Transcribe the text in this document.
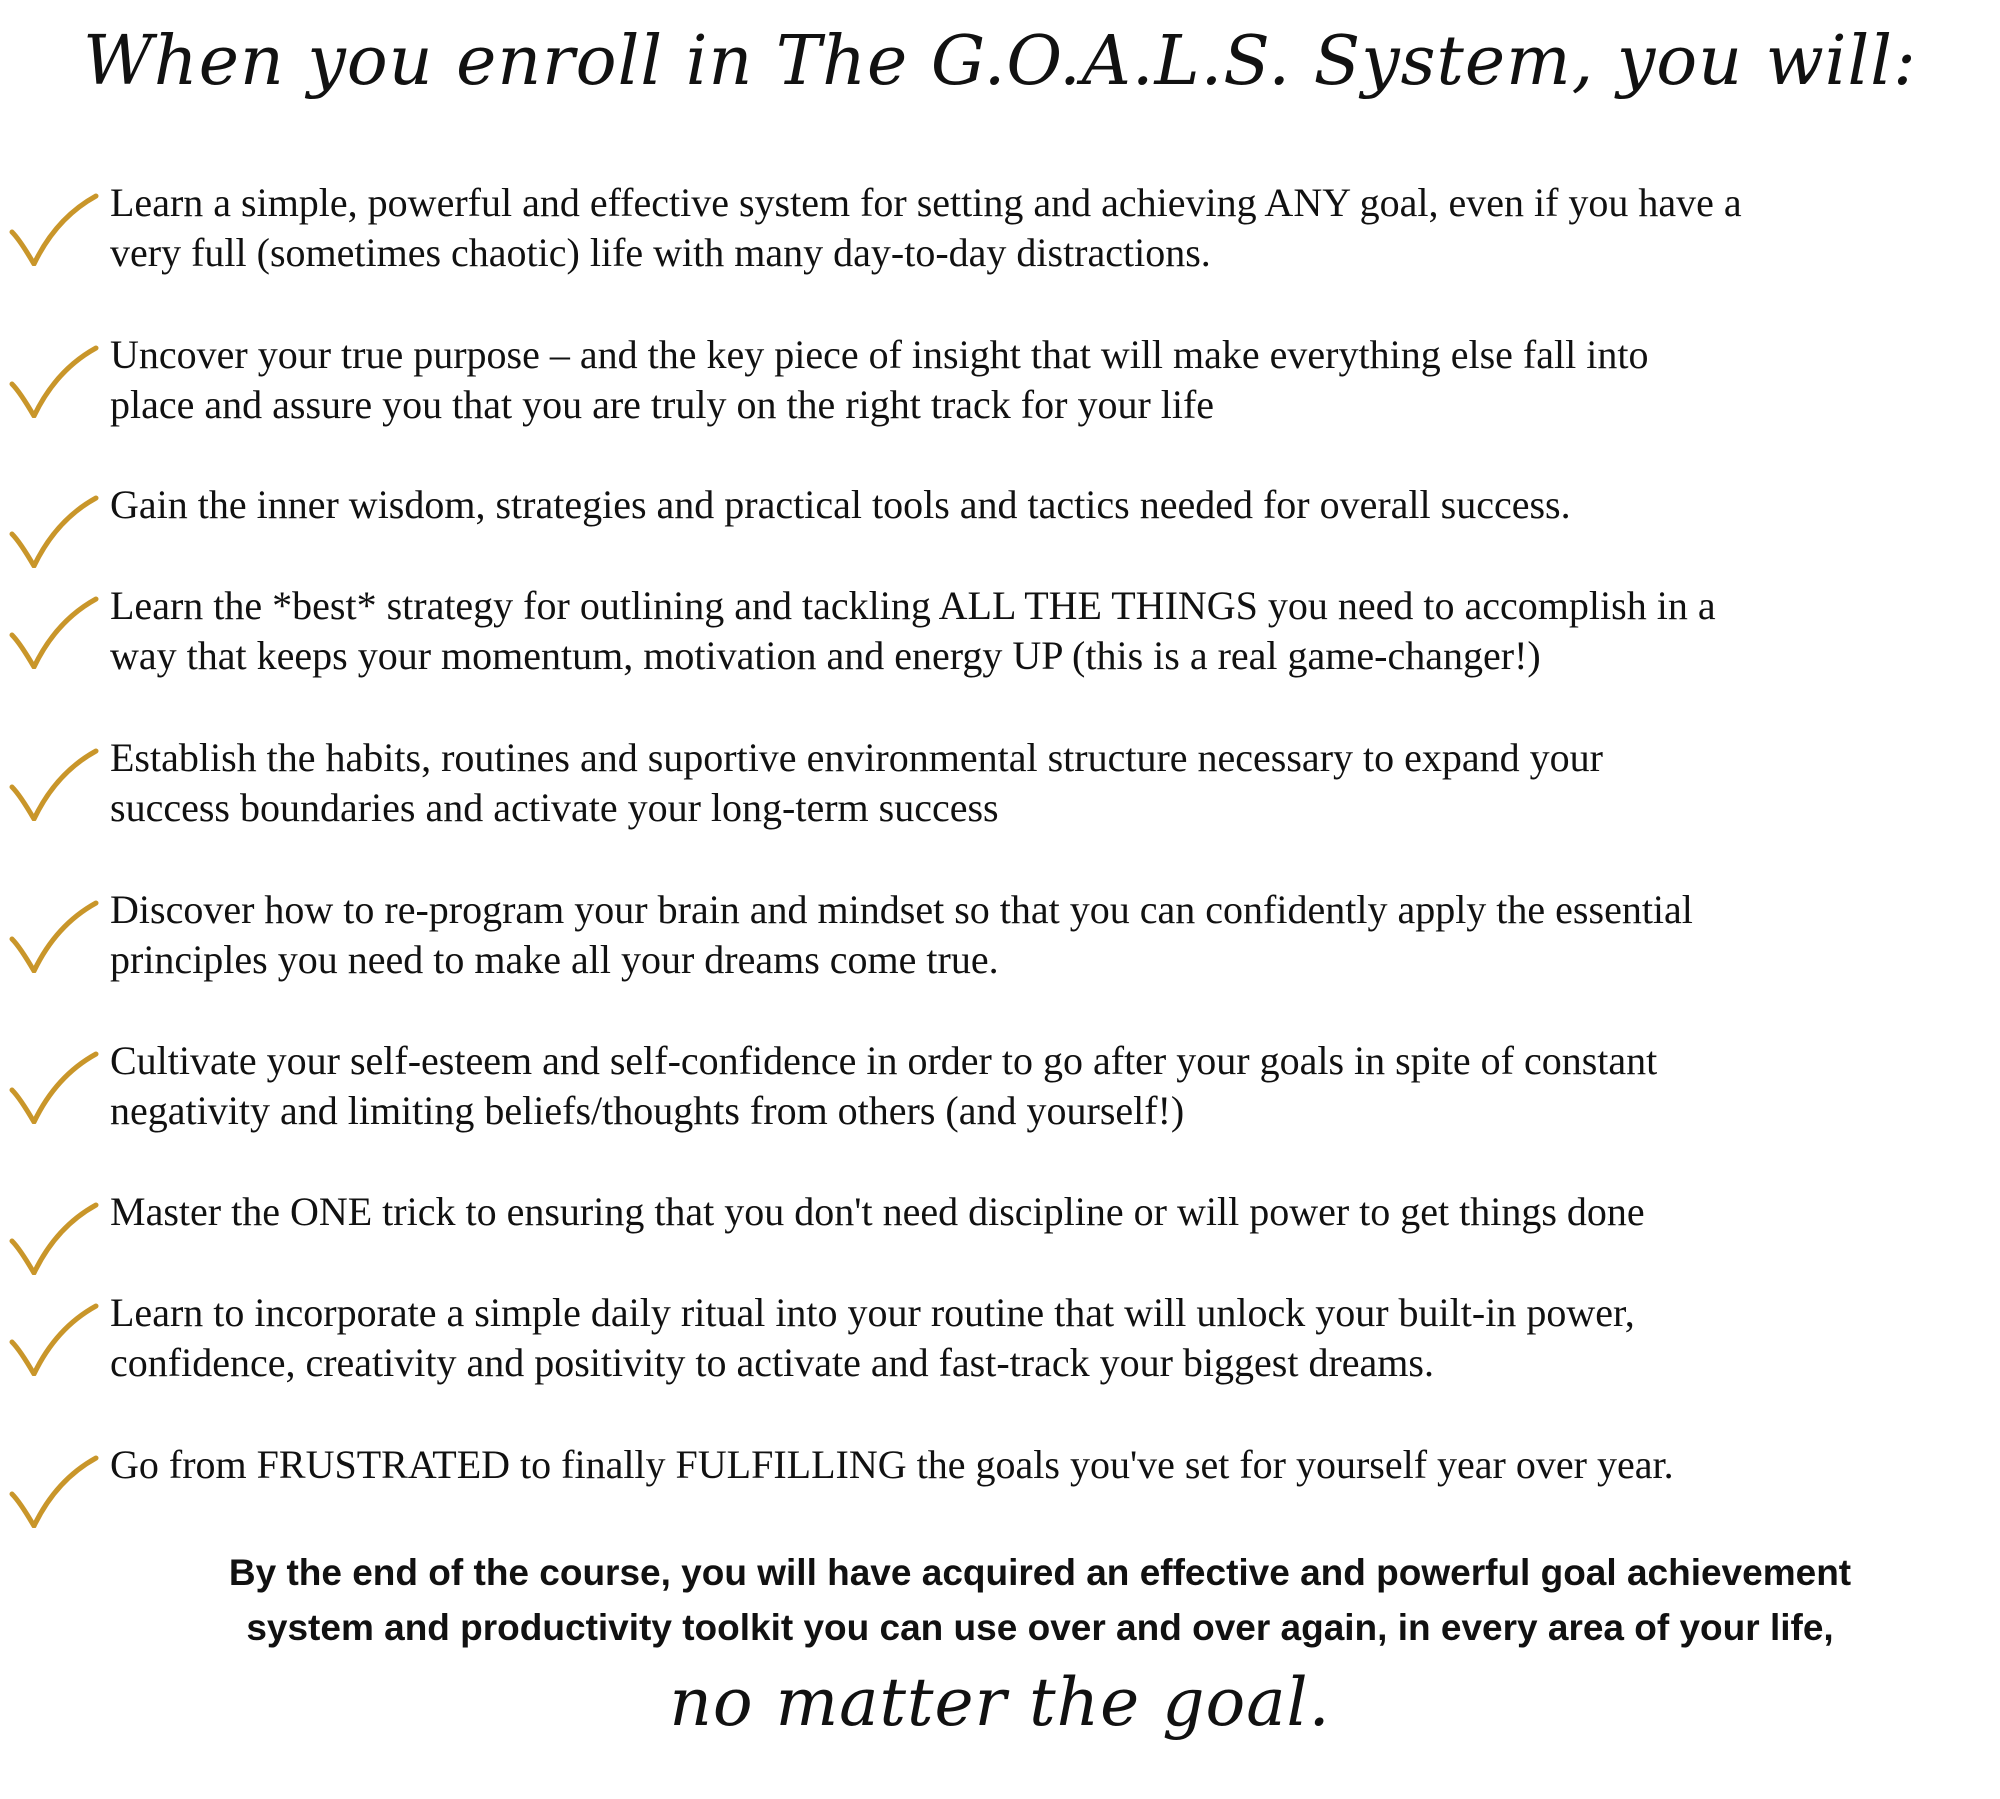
When you enroll in The G.O.A.L.S. System, you will:
Learn a simple, powerful and effective system for setting and achieving ANY goal, even if you have a
very full (sometimes chaotic) life with many day-to-day distractions.
Uncover your true purpose – and the key piece of insight that will make everything else fall into
place and assure you that you are truly on the right track for your life
Gain the inner wisdom, strategies and practical tools and tactics needed for overall success.
Learn the *best* strategy for outlining and tackling ALL THE THINGS you need to accomplish in a
way that keeps your momentum, motivation and energy UP (this is a real game-changer!)
Establish the habits, routines and suportive environmental structure necessary to expand your
success boundaries and activate your long-term success
Discover how to re-program your brain and mindset so that you can confidently apply the essential
principles you need to make all your dreams come true.
Cultivate your self-esteem and self-confidence in order to go after your goals in spite of constant
negativity and limiting beliefs/thoughts from others (and yourself!)
Master the ONE trick to ensuring that you don't need discipline or will power to get things done
Learn to incorporate a simple daily ritual into your routine that will unlock your built-in power,
confidence, creativity and positivity to activate and fast-track your biggest dreams.
Go from FRUSTRATED to finally FULFILLING the goals you've set for yourself year over year.
By the end of the course, you will have acquired an effective and powerful goal achievement
system and productivity toolkit you can use over and over again, in every area of your life,
no matter the goal.
